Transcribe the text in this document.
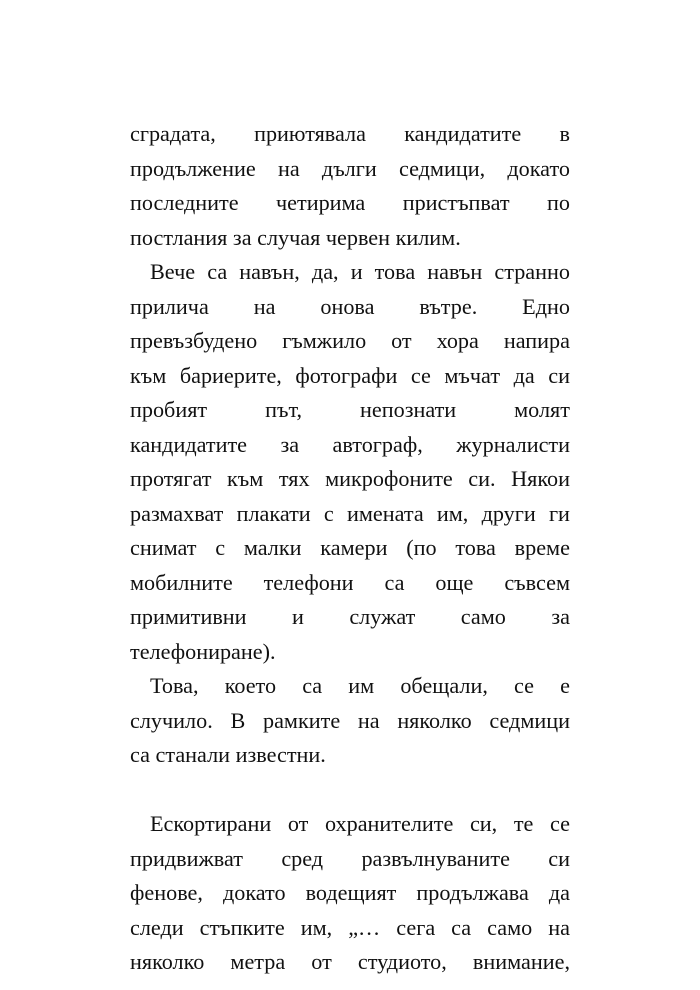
сградата, приютявала кандидатите в
продължение на дълги седмици, докато
последните четирима пристъпват по
постлания за случая червен килим.
Вече са навън, да, и това навън странно
прилича на онова вътре. Едно
превъзбудено гъмжило от хора напира
към бариерите, фотографи се мъчат да си
пробият	път,	непознати	молят
кандидатите за автограф, журналисти
протягат към тях микрофоните си. Някои
размахват плакати с имената им, други ги
снимат с малки камери (по това време
мобилните телефони са още съвсем
примитивни и служат само за
телефониране).
Това, което са им обещали, се е
случило. В рамките на няколко седмици
са станали известни.
Ескортирани от охранителите си, те се
придвижват сред развълнуваните си
фенове, докато водещият продължава да
следи стъпките им, „… сега са само на
няколко метра от студиото, внимание,
